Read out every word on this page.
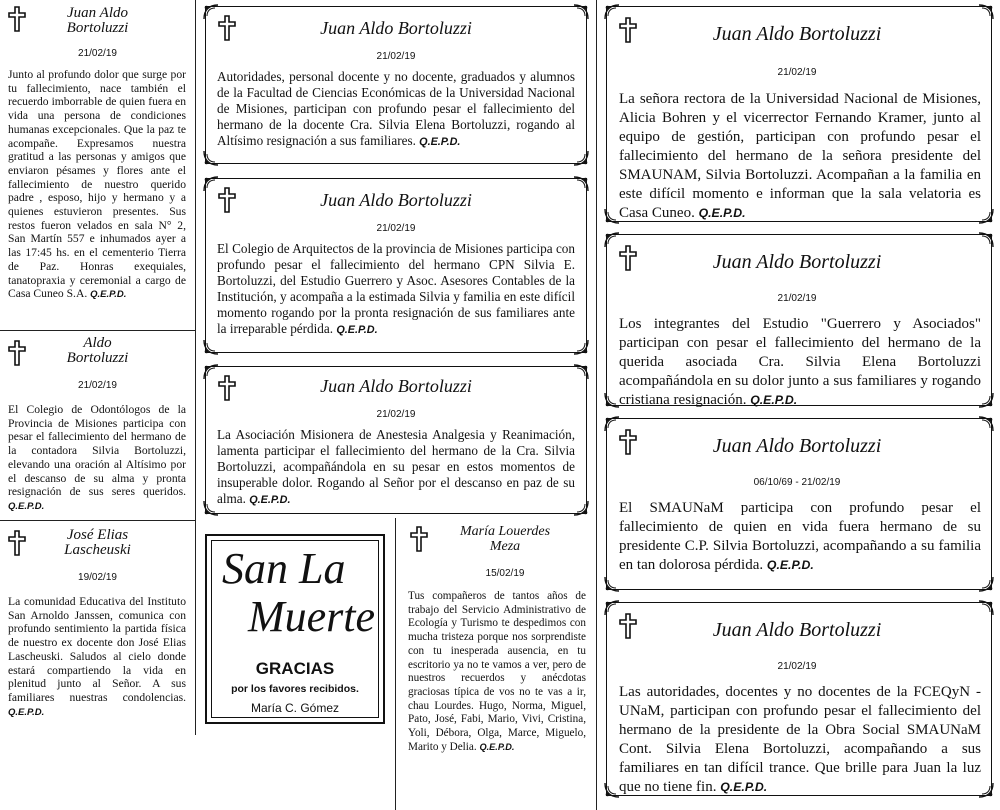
Juan Aldo
Bortoluzzi
21/02/19
Junto al profundo dolor que surge por tu fallecimiento, nace también el recuerdo imborrable de quien fuera en vida una persona de condiciones humanas excepcionales. Que la paz te acompañe. Expresamos nuestra gratitud a las personas y amigos que enviaron pésames y flores ante el fallecimiento de nuestro querido padre , esposo, hijo y hermano y a quienes estuvieron presentes. Sus restos fueron velados en sala N° 2, San Martín 557 e inhumados ayer a las 17:45 hs. en el cementerio Tierra de Paz. Honras exequiales, tanatopraxia y ceremonial a cargo de Casa Cuneo S.A. Q.E.P.D.
Aldo
Bortoluzzi
21/02/19
El Colegio de Odontólogos de la Provincia de Misiones participa con pesar el fallecimiento del hermano de la contadora Silvia Bortoluzzi, elevando una oración al Altísimo por el descanso de su alma y pronta resignación de sus seres queridos. Q.E.P.D.
José Elias
Lascheuski
19/02/19
La comunidad Educativa del Instituto San Arnoldo Janssen, comunica con profundo sentimiento la partida física de nuestro ex docente don José Elias Lascheuski. Saludos al cielo donde estará compartiendo la vida en plenitud junto al Señor. A sus familiares nuestras condolencias. Q.E.P.D.
Juan Aldo Bortoluzzi
21/02/19
Autoridades, personal docente y no docente, graduados y alumnos de la Facultad de Ciencias Económicas de la Universidad Nacional de Misiones, participan con profundo pesar el fallecimiento del hermano de la docente Cra. Silvia Elena Bortoluzzi, rogando al Altísimo resignación a sus familiares. Q.E.P.D.
Juan Aldo Bortoluzzi
21/02/19
El Colegio de Arquitectos de la provincia de Misiones participa con profundo pesar el fallecimiento del hermano CPN Silvia E. Bortoluzzi, del Estudio Guerrero y Asoc. Asesores Contables de la Institución, y acompaña a la estimada Silvia y familia en este difícil momento rogando por la pronta resignación de sus familiares ante la irreparable pérdida. Q.E.P.D.
Juan Aldo Bortoluzzi
21/02/19
La Asociación Misionera de Anestesia Analgesia y Reanimación, lamenta participar el fallecimiento del hermano de la Cra. Silvia Bortoluzzi, acompañándola en su pesar en estos momentos de insuperable dolor. Rogando al Señor por el descanso en paz de su alma. Q.E.P.D.
San La
Muerte
GRACIAS
por los favores recibidos.
María C. Gómez
María Louerdes
Meza
15/02/19
Tus compañeros de tantos años de trabajo del Servicio Administrativo de Ecología y Turismo te despedimos con mucha tristeza porque nos sorprendiste con tu inesperada ausencia, en tu escritorio ya no te vamos a ver, pero de nuestros recuerdos y anécdotas graciosas típica de vos no te vas a ir, chau Lourdes. Hugo, Norma, Miguel, Pato, José, Fabi, Mario, Vivi, Cristina, Yoli, Débora, Olga, Marce, Miguelo, Marito y Delia. Q.E.P.D.
Juan Aldo Bortoluzzi
21/02/19
La señora rectora de la Universidad Nacional de Misiones, Alicia Bohren y el vicerrector Fernando Kramer, junto al equipo de gestión, participan con profundo pesar el fallecimiento del hermano de la señora presidente del SMAUNAM, Silvia Bortoluzzi. Acompañan a la familia en este difícil momento e informan que la sala velatoria es Casa Cuneo. Q.E.P.D.
Juan Aldo Bortoluzzi
21/02/19
Los integrantes del Estudio "Guerrero y Asociados" participan con pesar el fallecimiento del hermano de la querida asociada Cra. Silvia Elena Bortoluzzi acompañándola en su dolor junto a sus familiares y rogando cristiana resignación. Q.E.P.D.
Juan Aldo Bortoluzzi
06/10/69 - 21/02/19
El SMAUNaM participa con profundo pesar el fallecimiento de quien en vida fuera hermano de su presidente C.P. Silvia Bortoluzzi, acompañando a su familia en tan dolorosa pérdida. Q.E.P.D.
Juan Aldo Bortoluzzi
21/02/19
Las autoridades, docentes y no docentes de la FCEQyN - UNaM, participan con profundo pesar el fallecimiento del hermano de la presidente de la Obra Social SMAUNaM Cont. Silvia Elena Bortoluzzi, acompañando a sus familiares en tan difícil trance. Que brille para Juan la luz que no tiene fin. Q.E.P.D.
